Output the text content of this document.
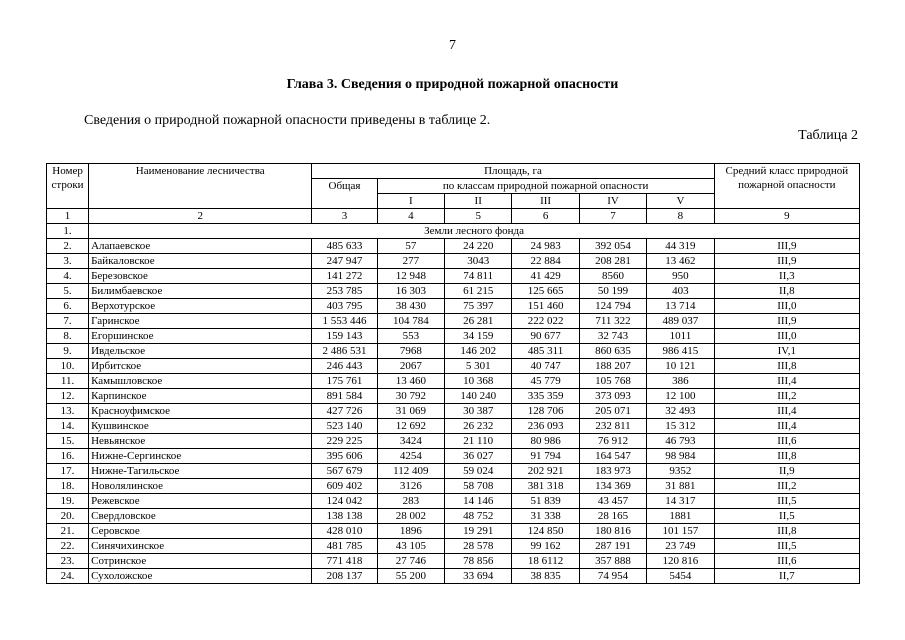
7
Глава 3. Сведения о природной пожарной опасности
Сведения о природной пожарной опасности приведены в таблице 2.
Таблица 2
Номер строки	Наименование лесничества	Площадь, га						Средний класс природной пожарной опасности
		Общая	по классам природной пожарной опасности					
			I	II	III	IV	V	
1	2	3	4	5	6	7	8	9
1.	Земли лесного фонда							
2.	Алапаевское	485 633	57	24 220	24 983	392 054	44 319	III,9
3.	Байкаловское	247 947	277	3043	22 884	208 281	13 462	III,9
4.	Березовское	141 272	12 948	74 811	41 429	8560	950	II,3
5.	Билимбаевское	253 785	16 303	61 215	125 665	50 199	403	II,8
6.	Верхотурское	403 795	38 430	75 397	151 460	124 794	13 714	III,0
7.	Гаринское	1 553 446	104 784	26 281	222 022	711 322	489 037	III,9
8.	Егоршинское	159 143	553	34 159	90 677	32 743	1011	III,0
9.	Ивдельское	2 486 531	7968	146 202	485 311	860 635	986 415	IV,1
10.	Ирбитское	246 443	2067	5 301	40 747	188 207	10 121	III,8
11.	Камышловское	175 761	13 460	10 368	45 779	105 768	386	III,4
12.	Карпинское	891 584	30 792	140 240	335 359	373 093	12 100	III,2
13.	Красноуфимское	427 726	31 069	30 387	128 706	205 071	32 493	III,4
14.	Кушвинское	523 140	12 692	26 232	236 093	232 811	15 312	III,4
15.	Невьянское	229 225	3424	21 110	80 986	76 912	46 793	III,6
16.	Нижне-Сергинское	395 606	4254	36 027	91 794	164 547	98 984	III,8
17.	Нижне-Тагильское	567 679	112 409	59 024	202 921	183 973	9352	II,9
18.	Новолялинское	609 402	3126	58 708	381 318	134 369	31 881	III,2
19.	Режевское	124 042	283	14 146	51 839	43 457	14 317	III,5
20.	Свердловское	138 138	28 002	48 752	31 338	28 165	1881	II,5
21.	Серовское	428 010	1896	19 291	124 850	180 816	101 157	III,8
22.	Синячихинское	481 785	43 105	28 578	99 162	287 191	23 749	III,5
23.	Сотринское	771 418	27 746	78 856	18 6112	357 888	120 816	III,6
24.	Сухоложское	208 137	55 200	33 694	38 835	74 954	5454	II,7
